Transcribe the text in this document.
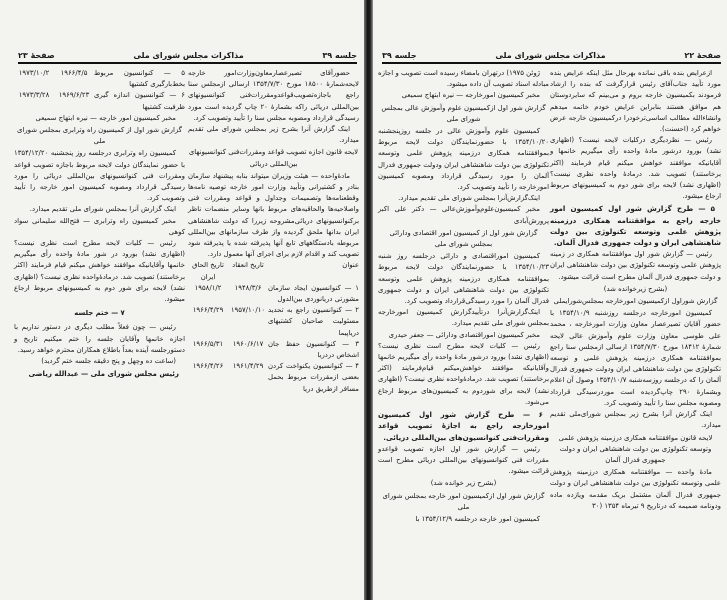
جلسه ۳۹
مذاکرات مجلس شورای ملی
صفحهٔ ۲۳

حضورآقای تصیرعصارمعاون‌وزارت‌امور خارجه لایحه‌شمارهٔ ۱۸۵۰۰ مورخ ۱۳۵۴/۷/۳۰ ارسالی ازمجلس سنا راجع باجازه‌تصویب‌قواعدومقررات‌فنی کنوانسیونهای بین‌المللی دریائی راکه بشمارهٔ ۲۰ چاپ گردیده است مورد رسیدگی قرارداد ومصوبه مجلس سنا را تأیید وتصویب کرد.

اینک گزارش آنرا بشرح زیر بمجلس شورای ملی تقدیم میدارد.

لایحه قانون اجازه تصویب قواعد ومقررات‌فنی کنوانسیونهای بین‌المللی دریائی

مادهٔ‌واحده — هیئت وزیران میتواند بنابه پیشنهاد سازمان بنادر و کشتیرانی وتأیید وزارت امور خارجه توصیه نامه‌ها وقطعنامه‌ها وتصمیمات وجداول و قواعد ومقررات فنی واصلاحیه‌ها والحاقیه‌های مربوط بانها وسایر منضمات ناظر برکنوانسیونهای دریائی‌مشروحه زیررا که دولت شاهنشاهی ایران بدانها ملحق گردیده واز طرف سازمانهای بین‌المللی مربوطه بادستگاههای تابع آنها پذیرفته شده یا پذیرفته شود تصویب کند و اقدام لازم برای اجرای آنها معمول دارد.

عنوان
تاریخ انعقاد
تاریخ الحاق ایران
۱ — کنوانسیون ایجاد سازمان مشورتی دریانوردی بین‌الدول
۱۹۴۸/۳/۶
۱۹۵۸/۱/۲
۲ — کنوانسیون راجع به تحدید مسئولیت صاحبان کشتیهای دریاپیما
۱۹۵۷/۱۰/۱۰
۱۹۶۶/۴/۲۹
۳ — کنوانسیون حفظ جان اشخاص دردریا
۱۹۶۰/۶/۱۷
۱۹۶۶/۵/۳۱
۴ — کنوانسیون یکنواخت کردن بعضی ازمقررات مربوط بحمل مسافر ازطریق دریا
۱۹۶۱/۴/۲۹
۱۹۶۶/۴/۲۶
۵ — کنوانسیون مربوط بخط‌بارگیری کشتیها
۱۹۶۶/۴/۵
۱۹۷۳/۱۰/۲
۶ — کنوانسیون اندازه گیری ظرفیت کشتیها
۱۹۶۹/۶/۲۳
۱۹۷۳/۳/۲۸

مخبر کمیسیون امور خارجه — نیره ابتهاج سمیعی

گزارش شور اول از کمیسیون راه وترابری بمجلس شورای ملی

کمیسیون راه وترابری درجلسه روز پنجشنبه ۱۳۵۴/۱۲/۲۰ با حضور نمایندگان دولت لایحه مربوط باجازه تصویب قواعد ومقررات فنی کنوانسیونهای بین‌المللی دریائی را مورد رسیدگی قرارداد ومصوبه کمیسیون امور خارجه را تأیید وتصویب کرد.

اینک گزارش آنرا بمجلس شورای ملی تقدیم میدارد.

مخبر کمیسیون راه وترابری — فتح‌الله سلیمانی سواد کوهی

رئیس — کلیات لایحه مطرح است نظری نیست؟ (اظهاری نشد) بورود در شور مادهٔ واحده رأی میگیریم خانمها وآقایانیکه موافقند خواهش میکنم قیام فرمایند (اکثر برخاستند) تصویب شد. درمادهٔ‌واحده نظری نیست؟ (اظهاری نشد) لایحه برای شور دوم به کمیسیونهای مربوط ارجاع میشود.

۷ — ختم جلسه

رئیس — چون فعلاً مطلب دیگری در دستور نداریم با اجازه خانمها وآقایان جلسه را ختم میکنیم تاریخ و دستورجلسه آینده بعداً باطلاع همکاران محترم خواهد رسید.

(ساعت ده وچهل و پنج دقیقه جلسه ختم گردید)

رئیس مجلس شورای ملی — عبدالله ریاضی

صفحهٔ ۲۲
مذاکرات مجلس شورای ملی
جلسه ۳۹

ازعرایض بنده باقی نمانده بهرحال مثل اینکه عرایض بنده مورد تأیید جناب‌آقای رئیس قرارگرفت که بنده را ارشاد فرمودند بکمیسیون خارجه بروم و می‌بینم که سایردوستان هم موافق هستند بنابراین عرایض خودم خاتمه میدهم وانشاءالله مطالب اساسی‌ترخودرا درکمیسیون خارجه عرض خواهم کرد (احسنت).

رئیس — نظردیگری درکلیات لایحه نیست؟ (اظهاری نشد) بورود درشور مادهٔ واحده رأی میگیریم خانمها و آقایانیکه موافقند خواهش میکنم قیام فرمایند (اکثر برخاستند) تصویب شد. درمادهٔ واحده نظری نیست؟ (اظهاری نشد) لایحه برای شور دوم به کمیسیونهای مربوط ارجاع میشود.

۵ — طرح گزارش شور اول کمیسیون امور خارجه راجع به موافقتنامه همکاری درزمینه پژوهش علمی وتوسعه تکنولوژی بین دولت شاهنشاهی ایران و دولت جمهوری فدرال آلمان.

رئیس — گزارش شور اول موافقتنامه همکاری در زمینه پژوهش علمی وتوسعه تکنولوژی بین دولت شاهنشاهی ایران و دولت جمهوری فدرال آلمان مطرح است قرائت میشود.

(بشرح زیرخوانده شد)

گزارش شوراول ازکمیسیون امورخارجه بمجلس‌شورایملی

کمیسیون امورخارجه درجلسه روزشنبه ۱۳۵۴/۱۰/۹ با حضور آقایان تصیرعصار معاون وزارت امورخارجه ، محمد علی طوسی معاون وزارت علوم وآموزش عالی لایحه شمارهٔ ۱۸۴۱۲ مورخ ۱۳۵۴/۷/۳۰ ارسالی ازمجلس سنا راجع بموافقتنامه همکاری درزمینه پژوهش علمی و توسعه تکنولوژی بین دولت شاهنشاهی ایران ودولت جمهوری فدرال آلمان را که درجلسه روزسه‌شنبه ۱۳۵۴/۱۰/۷ وصول آن اعلام وبشمارهٔ ۲۹۰ چاپ‌گردیده است موردرسیدگی قرارداد ومصوبه مجلس سنا را تأیید وتصویب کرد.

اینک گزارش آنرا بشرح زیر بمجلس شورای‌ملی تقدیم میدارد.

لایحه قانون موافقتنامه همکاری درزمینه پژوهش علمی وتوسعه تکنولوژی بین دولت شاهنشاهی ایران و دولت جمهوری فدرال آلمان

مادهٔ واحده — موافقتنامه همکاری درزمینه پژوهش علمی وتوسعه تکنولوژی بین دولت شاهنشاهی ایران و دولت جمهوری فدرال آلمان مشتمل بریک مقدمه ویازده ماده ودونامه ضمیمه که درتاریخ ۹ تیرماه ۱۳۵۴ (۳۰

ژوئن ۱۹۷۵) درتهران بامضاء رسیده است تصویب و اجازه مبادله اسناد تصویب آن داده میشود.

مخبر کمیسیون امورخارجه — نیره ابتهاج سمیعی

گزارش شور اول ازکمیسیون علوم وآموزش عالی بمجلس شورای ملی

کمیسیون علوم وآموزش عالی در جلسه روزپنجشنبه ۱۳۵۴/۱۰/۲۰ با حضورنمایندگان دولت لایحه مربوط بموافقتنامه همکاری درزمینه پژوهش علمی وتوسعه تکنولوژی بین دولت شاهنشاهی ایران ودولت جمهوری فدرال آلمان را مورد رسیدگی قرارداد ومصوبه کمیسیون امورخارجه را تأیید وتصویب کرد.

اینک‌گزارش‌آنرا بمجلس شورای ملی تقدیم میدارد.

مخبر کمیسیون‌علوم‌وآموزش‌عالی — دکتر علی اکبر پرورش‌آبادی

گزارش شور اول از کمیسیون امور اقتصادی ودارائی بمجلس شورای ملی

کمیسیون اموراقتصادی و دارائی درجلسه روز شنبه ۱۳۵۴/۱۰/۲۳ با حضورنمایندگان دولت لایحه مربوط بموافقتنامه همکاری درزمینه پژوهش علمی وتوسعه تکنولوژی بین دولت شاهنشاهی ایران و دولت جمهوری فدرال آلمان را مورد رسیدگی‌قرارداد وتصویب کرد.

اینک‌گزارش‌آنرا درتأیید‌گزارش کمیسیون امورخارجه بمجلس شورای ملی تقدیم میدارد.

مخبر کمیسیون اموراقتصادی ودارائی — جعفر حیدری

رئیس — کلیات لایحه مطرح است نظری نیست؟ (اظهاری نشد) بورود درشور مادهٔ واحده رأی میگیریم خانمها وآقایانیکه موافقند خواهش‌میکنم قیام‌فرمایند (اکثر برخاستند) تصویب شد. درمادهٔ‌واحده نظری نیست؟ (اظهاری نشد) لایحه برای شوردوم به کمیسیون‌های مربوط ارجاع می‌شود.

۶ — طرح گزارش شور اول کمیسیون امورخارجه راجع به اجازهٔ تصویب قواعد ومقررات‌فنی کنوانسیون‌های بین‌المللی دریائی.

رئیس — گزارش شور اول اجازه تصویب قواعدو مقررات فنی کنوانسیونهای بین‌المللی دریائی مطرح است قرائت میشود.

(بشرح زیر خوانده شد)

گزارش شور اول ازکمیسیون امور خارجه بمجلس شورای ملی

کمیسیون امور خارجه درجلسه ۱۳۵۴/۱۲/۹ با
